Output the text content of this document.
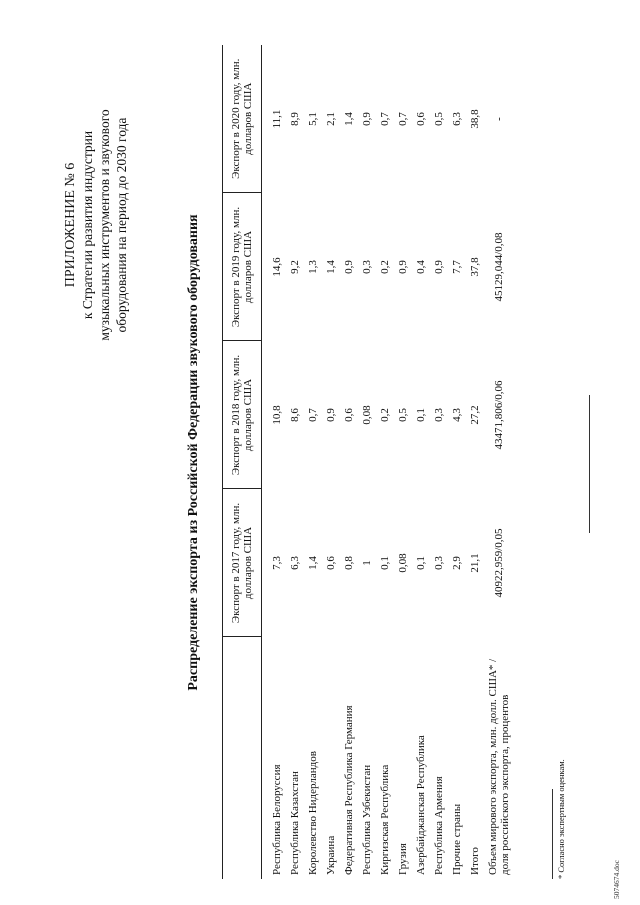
ПРИЛОЖЕНИЕ № 6 к Стратегии развития индустрии музыкальных инструментов и звукового оборудования на период до 2030 года	Распределение экспорта из Российской Федерации звукового оборудования
		Экспорт в 2017 году, млн. долларов США	Экспорт в 2018 году, млн. долларов США	Экспорт в 2019 году, млн. долларов США	Экспорт в 2020 году, млн. долларов США
Республика Белоруссия	7,3	10,8	14,6	11,1
Республика Казахстан	6,3	8,6	9,2	8,9
Королевство Нидерландов	1,4	0,7	1,3	5,1
Украина	0,6	0,9	1,4	2,1
Федеративная Республика Германия	0,8	0,6	0,9	1,4
Республика Узбекистан	1	0,08	0,3	0,9
Киргизская Республика	0,1	0,2	0,2	0,7
Грузия	0,08	0,5	0,9	0,7
Азербайджанская Республика	0,1	0,1	0,4	0,6
Республика Армения	0,3	0,3	0,9	0,5
Прочие страны	2,9	4,3	7,7	6,3
Итого	21,1	27,2	37,8	38,8
Объем мирового экспорта, млн. долл. США* / доля российского экспорта, процентов	40922,959/0,05	43471,806/0,06	45129,044/0,08	-
* Согласно экспертным оценкам.
5074674.doc
